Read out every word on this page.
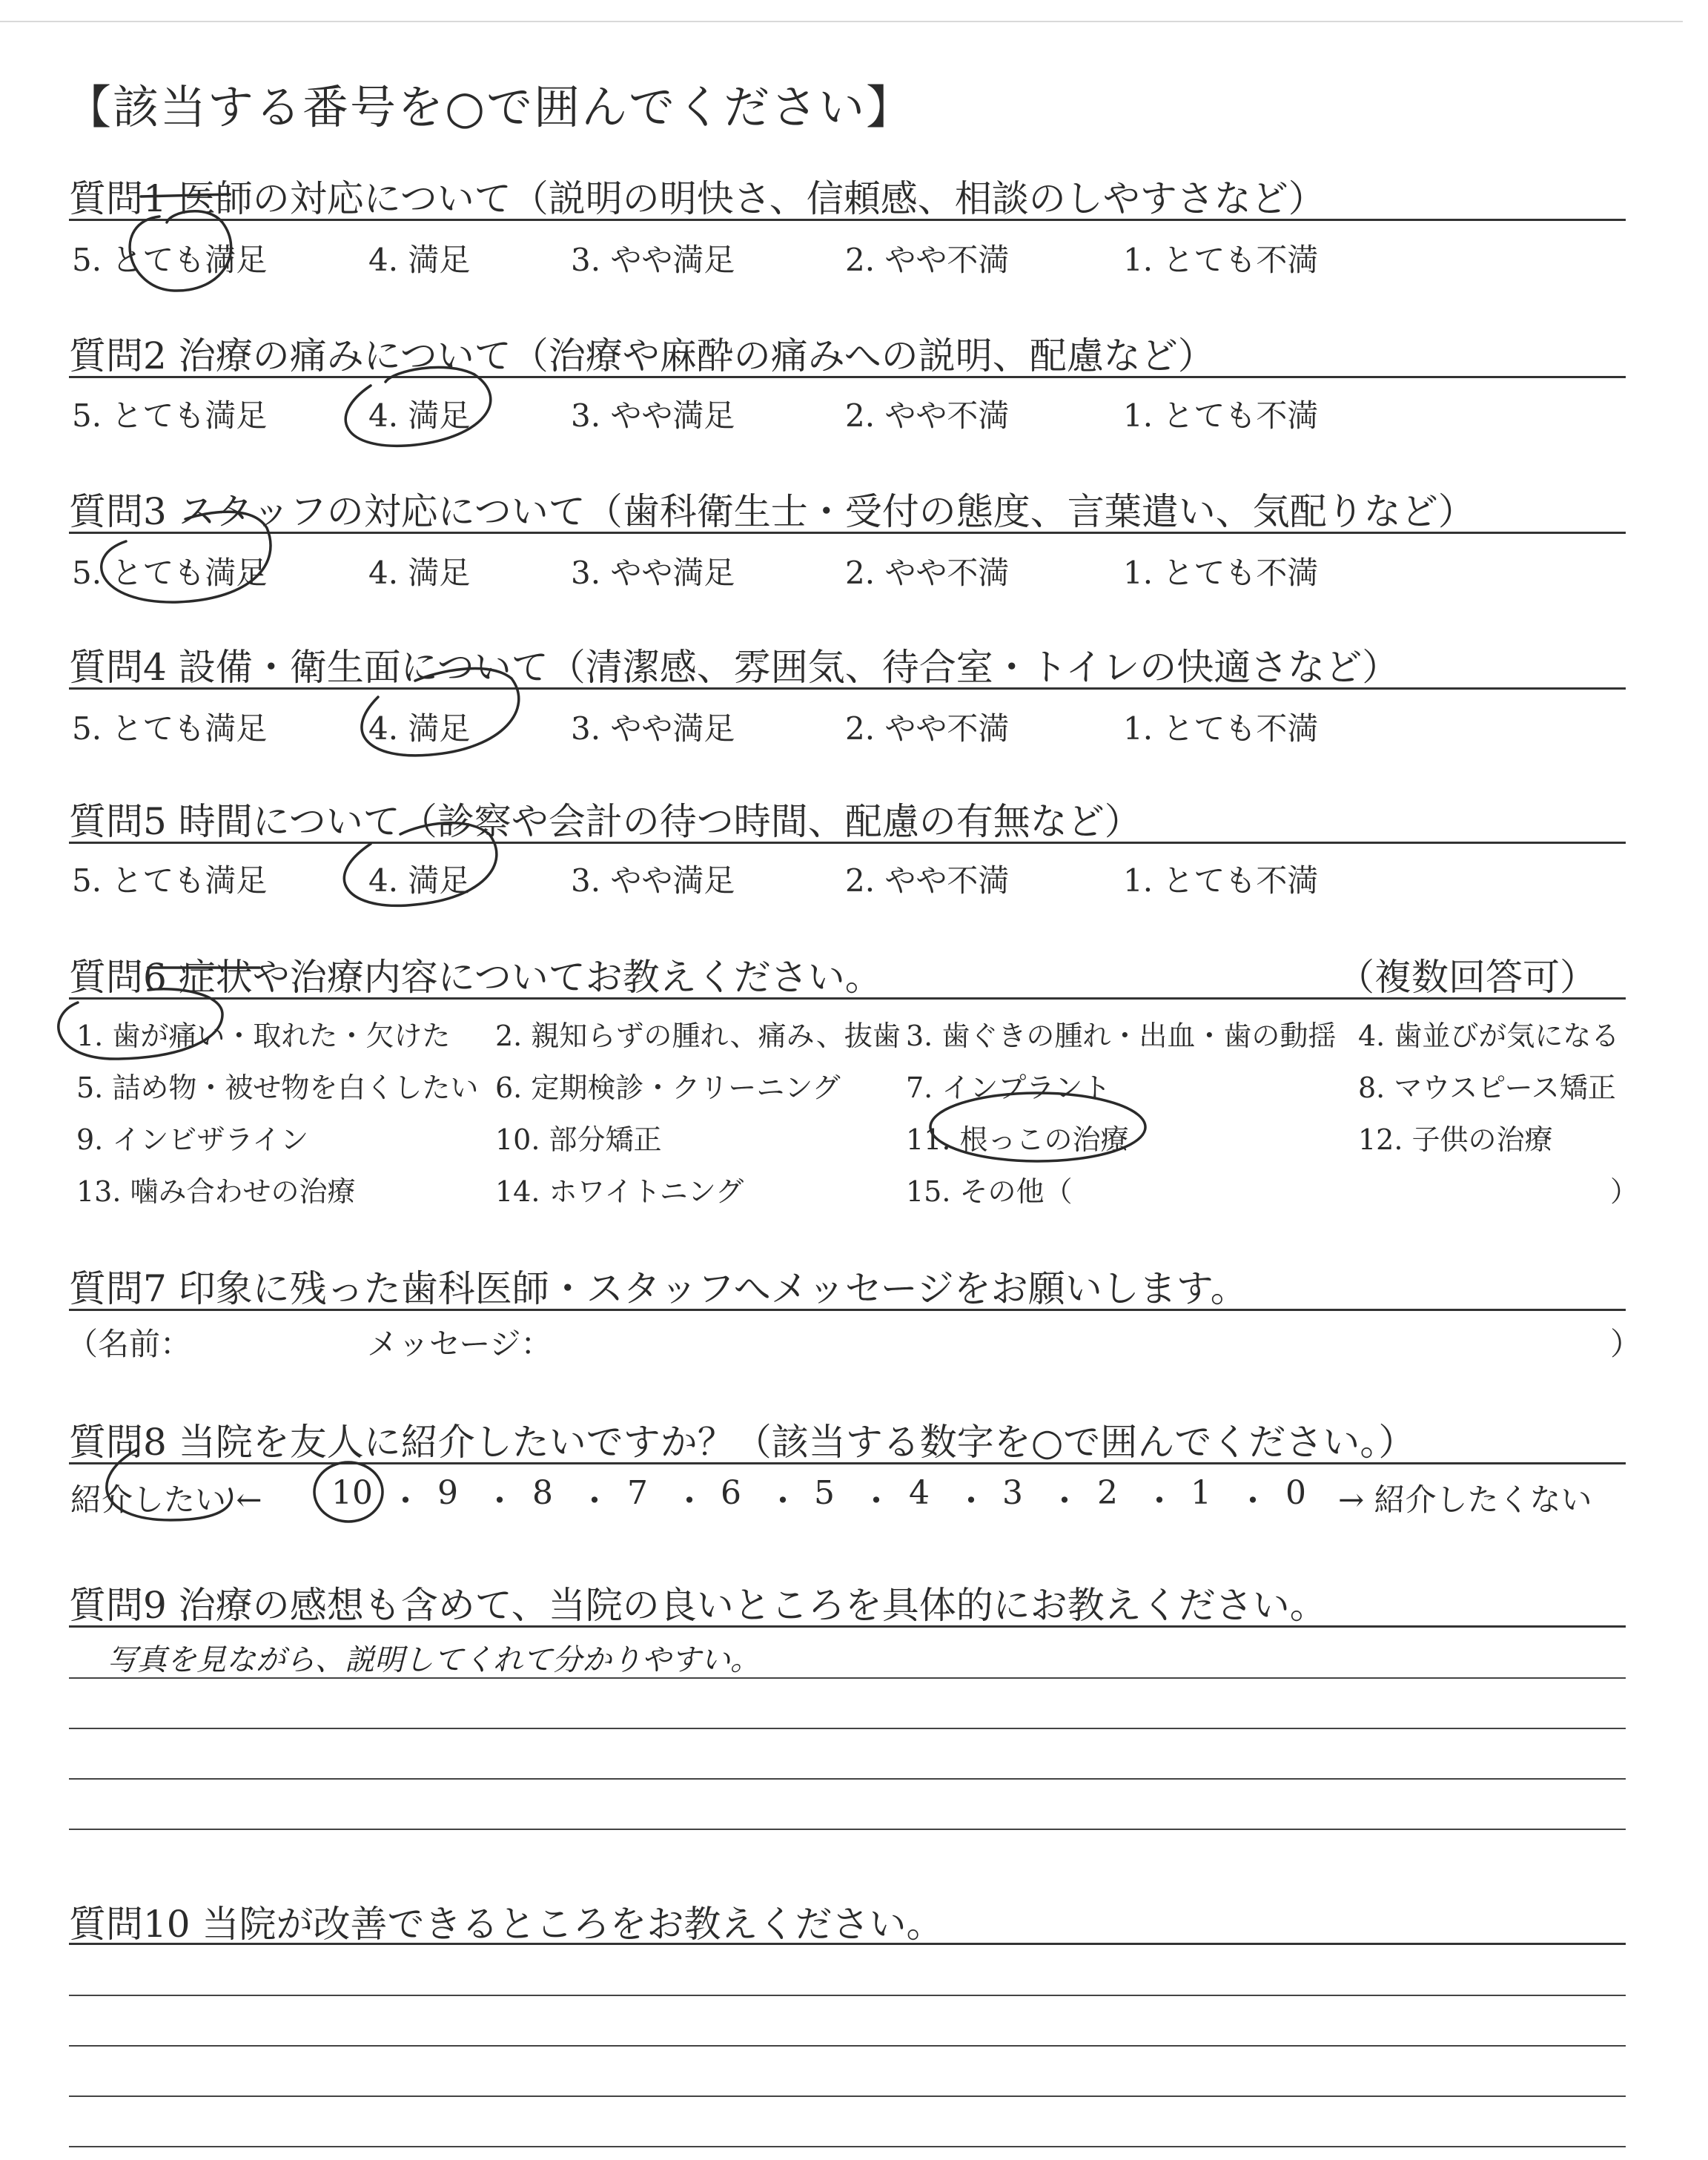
【該当する番号を○で囲んでください】
質問1 医師の対応について（説明の明快さ、信頼感、相談のしやすさなど）
5. とても満足	4. 満足	3. やや満足	2. やや不満	1. とても不満
質問2 治療の痛みについて（治療や麻酔の痛みへの説明、配慮など）
5. とても満足	4. 満足	3. やや満足	2. やや不満	1. とても不満
質問3 スタッフの対応について（歯科衛生士・受付の態度、言葉遣い、気配りなど）
5. とても満足	4. 満足	3. やや満足	2. やや不満	1. とても不満
質問4 設備・衛生面について（清潔感、雰囲気、待合室・トイレの快適さなど）
5. とても満足	4. 満足	3. やや満足	2. やや不満	1. とても不満
質問5 時間について（診察や会計の待つ時間、配慮の有無など）
5. とても満足	4. 満足	3. やや満足	2. やや不満	1. とても不満
質問6 症状や治療内容についてお教えください。	（複数回答可）
1. 歯が痛い・取れた・欠けた 2. 親知らずの腫れ、痛み、抜歯 3. 歯ぐきの腫れ・出血・歯の動揺 4. 歯並びが気になる
5. 詰め物・被せ物を白くしたい 6. 定期検診・クリーニング 7. インプラント	8. マウスピース矯正
9. インビザライン	10. 部分矯正	11. 根っこの治療	12. 子供の治療
13. 噛み合わせの治療	14. ホワイトニング	15. その他（	）
質問7 印象に残った歯科医師・スタッフへメッセージをお願いします。
（名前：	メッセージ：	）
質問8 当院を友人に紹介したいですか？（該当する数字を○で囲んでください。）
紹介したい ← 10 ・ 9 ・ 8 ・ 7 ・ 6 ・ 5 ・ 4 ・ 3 ・ 2 ・ 1 ・ 0 → 紹介したくない
質問9 治療の感想も含めて、当院の良いところを具体的にお教えください。
写真を見ながら、説明してくれて分かりやすい。
質問10 当院が改善できるところをお教えください。
